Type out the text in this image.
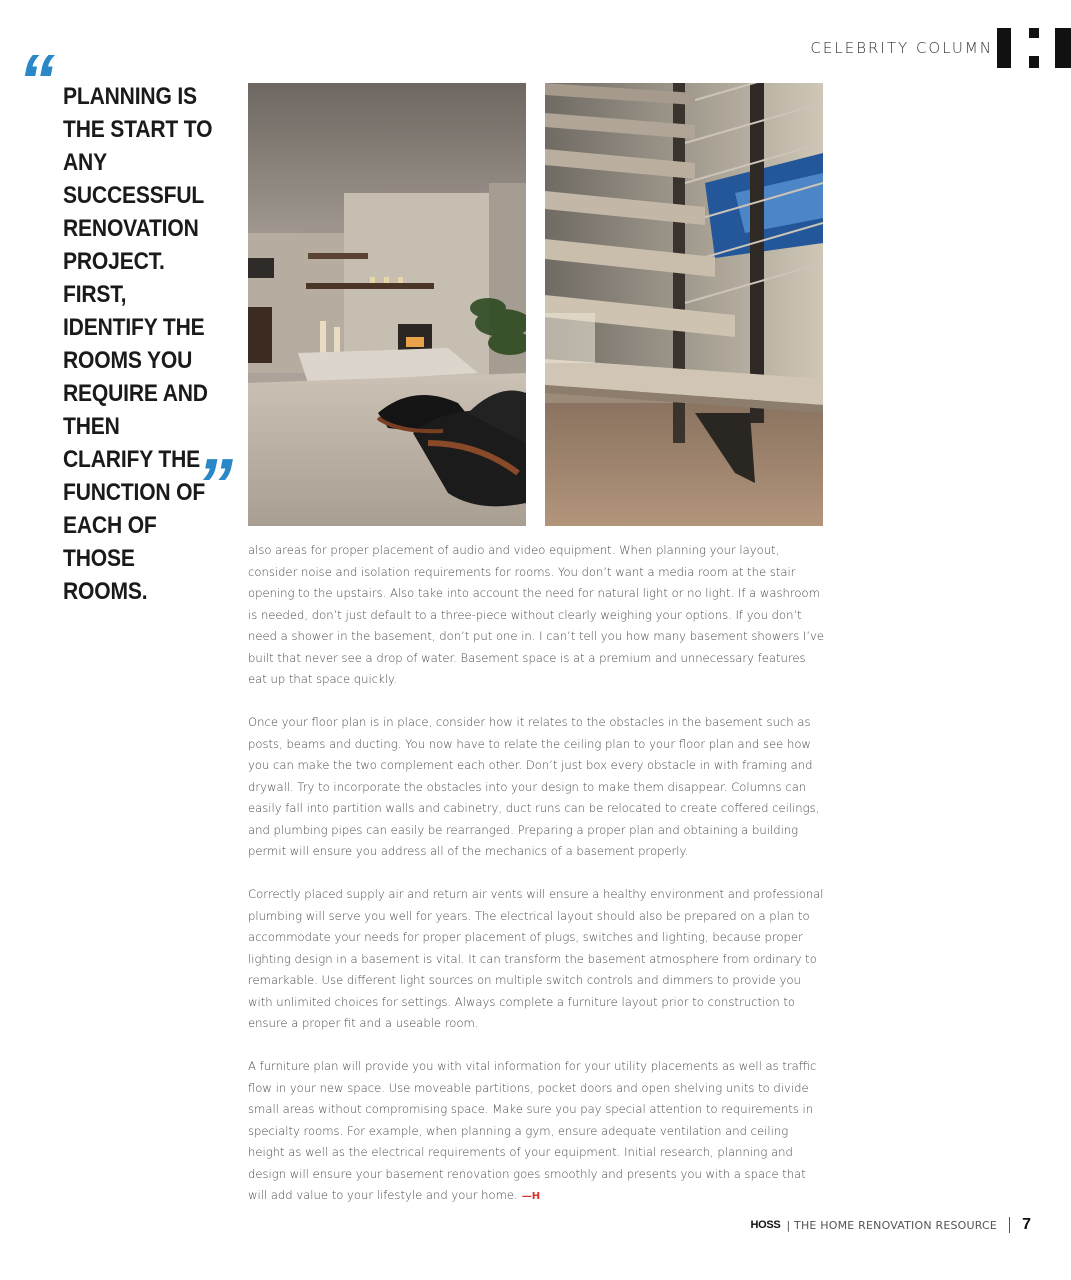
CELEBRITY COLUMN
“ PLANNING IS THE START TO ANY SUCCESSFUL RENOVATION PROJECT. FIRST, IDENTIFY THE ROOMS YOU REQUIRE AND THEN CLARIFY THE FUNCTION OF EACH OF THOSE ROOMS.
”

also areas for proper placement of audio and video equipment. When planning your layout, consider noise and isolation requirements for rooms. You don’t want a media room at the stair opening to the upstairs. Also take into account the need for natural light or no light. If a washroom is needed, don’t just default to a three-piece without clearly weighing your options. If you don’t need a shower in the basement, don’t put one in. I can’t tell you how many basement showers I’ve built that never see a drop of water. Basement space is at a premium and unnecessary features eat up that space quickly.

Once your floor plan is in place, consider how it relates to the obstacles in the basement such as posts, beams and ducting. You now have to relate the ceiling plan to your floor plan and see how you can make the two complement each other. Don’t just box every obstacle in with framing and drywall. Try to incorporate the obstacles into your design to make them disappear. Columns can easily fall into partition walls and cabinetry, duct runs can be relocated to create coffered ceilings, and plumbing pipes can easily be rearranged. Preparing a proper plan and obtaining a building permit will ensure you address all of the mechanics of a basement properly.

Correctly placed supply air and return air vents will ensure a healthy environment and professional plumbing will serve you well for years. The electrical layout should also be prepared on a plan to accommodate your needs for proper placement of plugs, switches and lighting, because proper lighting design in a basement is vital. It can transform the basement atmosphere from ordinary to remarkable. Use different light sources on multiple switch controls and dimmers to provide you with unlimited choices for settings. Always complete a furniture layout prior to construction to ensure a proper fit and a useable room.

A furniture plan will provide you with vital information for your utility placements as well as traffic flow in your new space. Use moveable partitions, pocket doors and open shelving units to divide small areas without compromising space. Make sure you pay special attention to requirements in specialty rooms. For example, when planning a gym, ensure adequate ventilation and ceiling height as well as the electrical requirements of your equipment. Initial research, planning and design will ensure your basement renovation goes smoothly and presents you with a space that will add value to your lifestyle and your home. —H

HOSS | THE HOME RENOVATION RESOURCE 7
